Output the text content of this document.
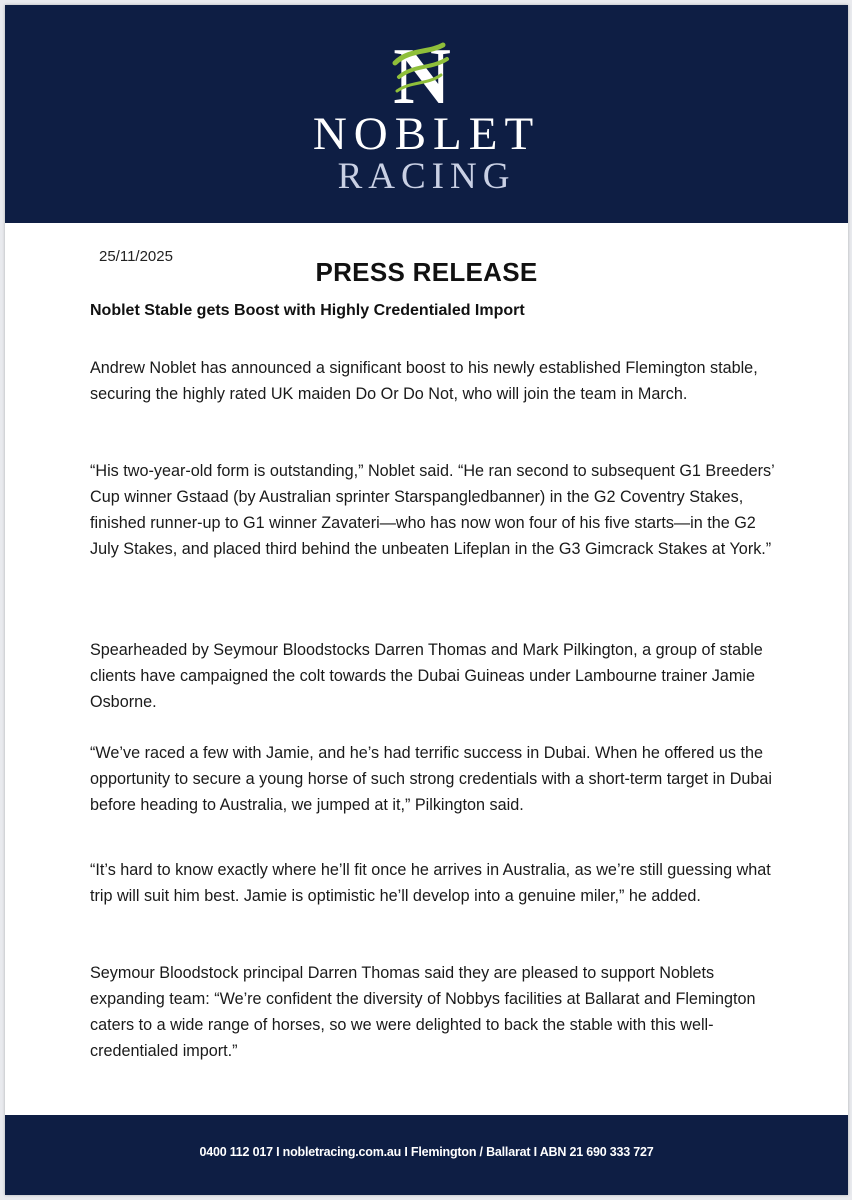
N
NOBLET
RACING
25/11/2025
PRESS RELEASE
Noblet Stable gets Boost with Highly Credentialed Import

Andrew Noblet has announced a significant boost to his newly established Flemington stable, securing the highly rated UK maiden Do Or Do Not, who will join the team in March.

“His two-year-old form is outstanding,” Noblet said. “He ran second to subsequent G1 Breeders’ Cup winner Gstaad (by Australian sprinter Starspangledbanner) in the G2 Coventry Stakes, finished runner-up to G1 winner Zavateri—who has now won four of his five starts—in the G2 July Stakes, and placed third behind the unbeaten Lifeplan in the G3 Gimcrack Stakes at York.”

Spearheaded by Seymour Bloodstocks Darren Thomas and Mark Pilkington, a group of stable clients have campaigned the colt towards the Dubai Guineas under Lambourne trainer Jamie Osborne.

“We’ve raced a few with Jamie, and he’s had terrific success in Dubai. When he offered us the opportunity to secure a young horse of such strong credentials with a short-term target in Dubai before heading to Australia, we jumped at it,” Pilkington said.

“It’s hard to know exactly where he’ll fit once he arrives in Australia, as we’re still guessing what trip will suit him best. Jamie is optimistic he’ll develop into a genuine miler,” he added.

Seymour Bloodstock principal Darren Thomas said they are pleased to support Noblets expanding team: “We’re confident the diversity of Nobbys facilities at Ballarat and Flemington caters to a wide range of horses, so we were delighted to back the stable with this well-credentialed import.”

0400 112 017 I nobletracing.com.au I Flemington / Ballarat I ABN 21 690 333 727
